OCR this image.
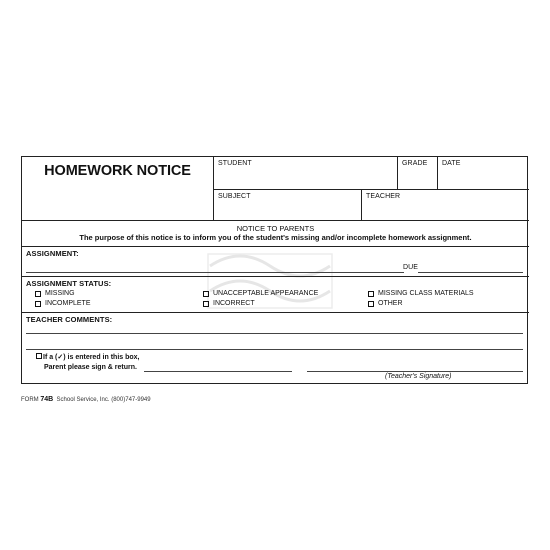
HOMEWORK NOTICE	STUDENT	GRADE DATE
SUBJECT	TEACHER
NOTICE TO PARENTS
The purpose of this notice is to inform you of the student's missing and/or incomplete homework assignment.
ASSIGNMENT:
DUE
ASSIGNMENT STATUS:
MISSING
INCOMPLETE
UNACCEPTABLE APPEARANCE
INCORRECT
MISSING CLASS MATERIALS
OTHER
TEACHER COMMENTS:
If a (✓) is entered in this box,
Parent please sign & return.
(Teacher's Signature)
FORM 74B School Service, Inc. (800)747-9949
